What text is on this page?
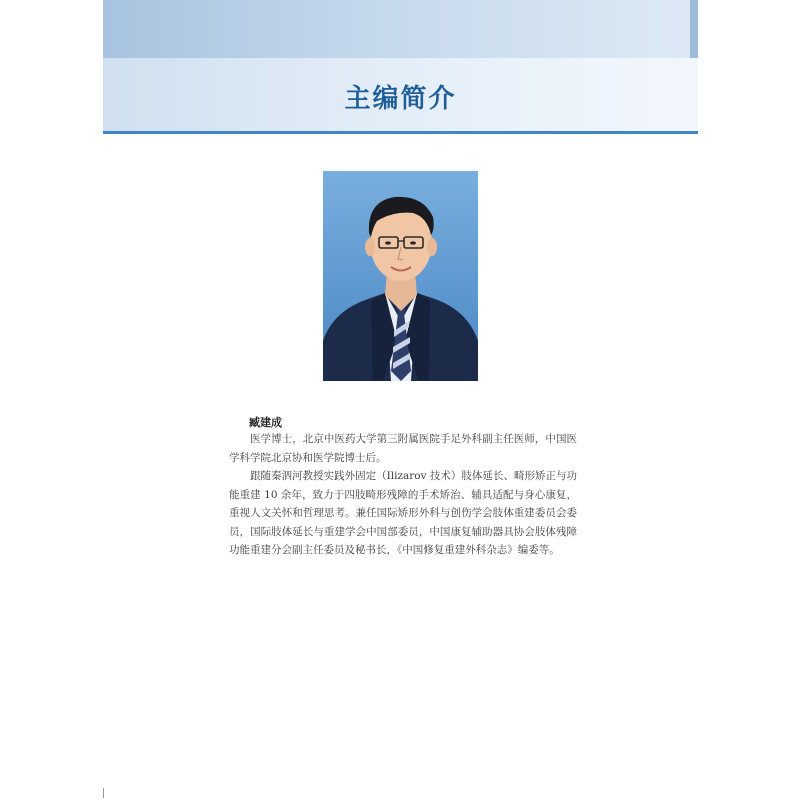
主编简介
臧建成

医学博士，北京中医药大学第三附属医院手足外科副主任医师，中国医学科学院北京协和医学院博士后。

跟随秦泗河教授实践外固定（Ilizarov 技术）肢体延长、畸形矫正与功能重建 10 余年，致力于四肢畸形残障的手术矫治、辅具适配与身心康复，重视人文关怀和哲理思考。兼任国际矫形外科与创伤学会肢体重建委员会委员，国际肢体延长与重建学会中国部委员，中国康复辅助器具协会肢体残障功能重建分会副主任委员及秘书长，《中国修复重建外科杂志》编委等。
